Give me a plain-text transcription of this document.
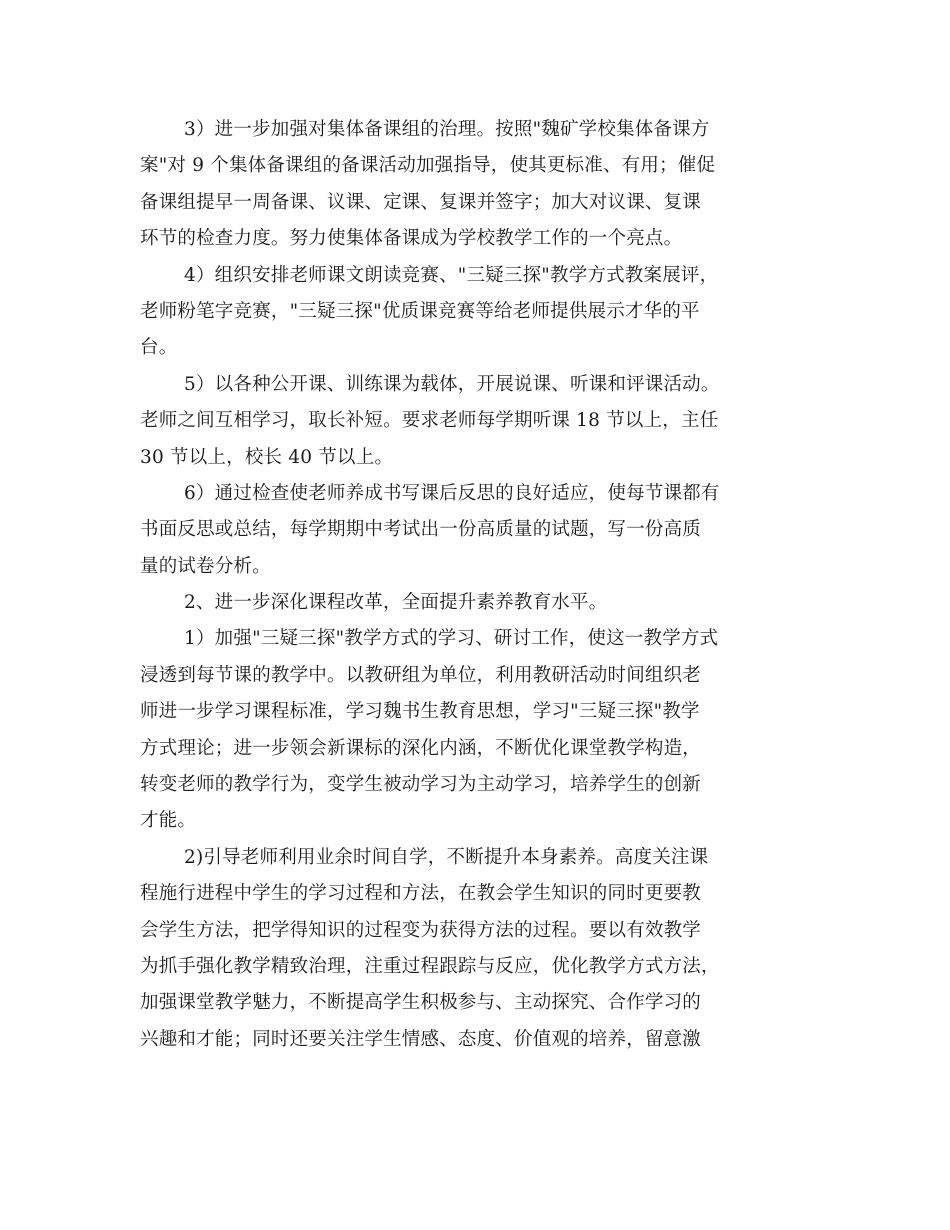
3）进一步加强对集体备课组的治理。按照"魏矿学校集体备课方
案"对 9 个集体备课组的备课活动加强指导，使其更标准、有用；催促
备课组提早一周备课、议课、定课、复课并签字；加大对议课、复课
环节的检查力度。努力使集体备课成为学校教学工作的一个亮点。
4）组织安排老师课文朗读竞赛、"三疑三探"教学方式教案展评，
老师粉笔字竞赛，"三疑三探"优质课竞赛等给老师提供展示才华的平
台。
5）以各种公开课、训练课为载体，开展说课、听课和评课活动。
老师之间互相学习，取长补短。要求老师每学期听课 18 节以上，主任
30 节以上，校长 40 节以上。
6）通过检查使老师养成书写课后反思的良好适应，使每节课都有
书面反思或总结，每学期期中考试出一份高质量的试题，写一份高质
量的试卷分析。
2、进一步深化课程改革，全面提升素养教育水平。
1）加强"三疑三探"教学方式的学习、研讨工作，使这一教学方式
浸透到每节课的教学中。以教研组为单位，利用教研活动时间组织老
师进一步学习课程标准，学习魏书生教育思想，学习"三疑三探"教学
方式理论；进一步领会新课标的深化内涵，不断优化课堂教学构造，
转变老师的教学行为，变学生被动学习为主动学习，培养学生的创新
才能。
2)引导老师利用业余时间自学，不断提升本身素养。高度关注课
程施行进程中学生的学习过程和方法，在教会学生知识的同时更要教
会学生方法，把学得知识的过程变为获得方法的过程。要以有效教学
为抓手强化教学精致治理，注重过程跟踪与反应，优化教学方式方法，
加强课堂教学魅力，不断提高学生积极参与、主动探究、合作学习的
兴趣和才能；同时还要关注学生情感、态度、价值观的培养，留意激
